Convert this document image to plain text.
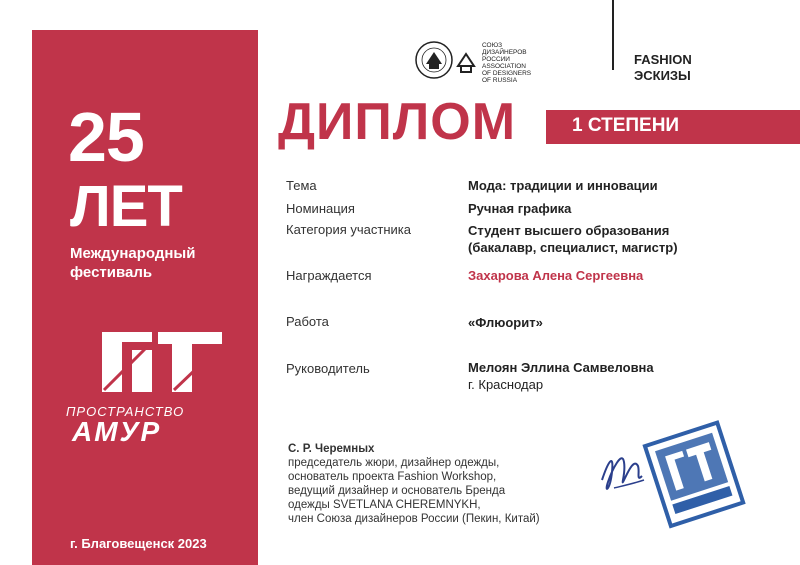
25
ЛЕТ
Международный
фестиваль
ПРОСТРАНСТВО
АМУР
г. Благовещенск 2023
FASHION
ЭСКИЗЫ
СОЮЗ
ДИЗАЙНЕРОВ
РОССИИ
ASSOCIATION
OF DESIGNERS
OF RUSSIA
ДИПЛОМ	1 СТЕПЕНИ
Тема	Мода: традиции и инновации
Номинация	Ручная графика
Категория участника	Студент высшего образования
(бакалавр, специалист, магистр)
Награждается	Захарова Алена Сергеевна
Работа	«Флюорит»
Руководитель	Мелоян Эллина Самвеловна
г. Краснодар
С. Р. Черемных
председатель жюри, дизайнер одежды,
основатель проекта Fashion Workshop,
ведущий дизайнер и основатель Бренда
одежды SVETLANA CHEREMNYKH,
член Союза дизайнеров России (Пекин, Китай)
